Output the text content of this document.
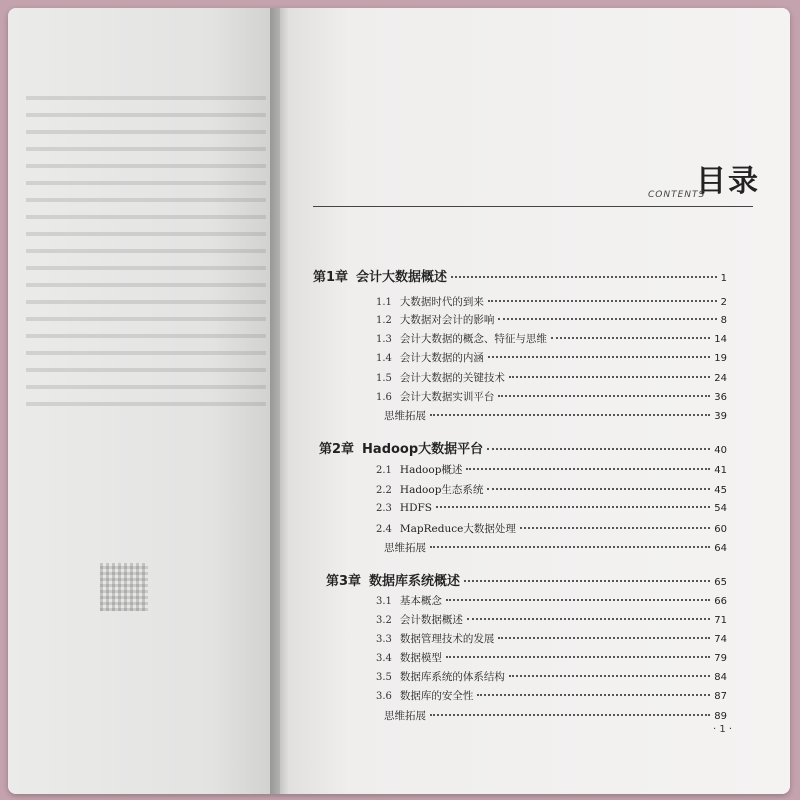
目录
CONTENTS
第1章 会计大数据概述	1
1.1 大数据时代的到来	2
1.2 大数据对会计的影响	8
1.3 会计大数据的概念、特征与思维	14
1.4 会计大数据的内涵	19
1.5 会计大数据的关键技术	24
1.6 会计大数据实训平台	36
思维拓展	39
第2章 Hadoop大数据平台	40
2.1 Hadoop概述	41
2.2 Hadoop生态系统	45
2.3 HDFS	54
2.4 MapReduce大数据处理	60
思维拓展	64
第3章 数据库系统概述	65
3.1 基本概念	66
3.2 会计数据概述	71
3.3 数据管理技术的发展	74
3.4 数据模型	79
3.5 数据库系统的体系结构	84
3.6 数据库的安全性	87
思维拓展	89
· 1 ·
